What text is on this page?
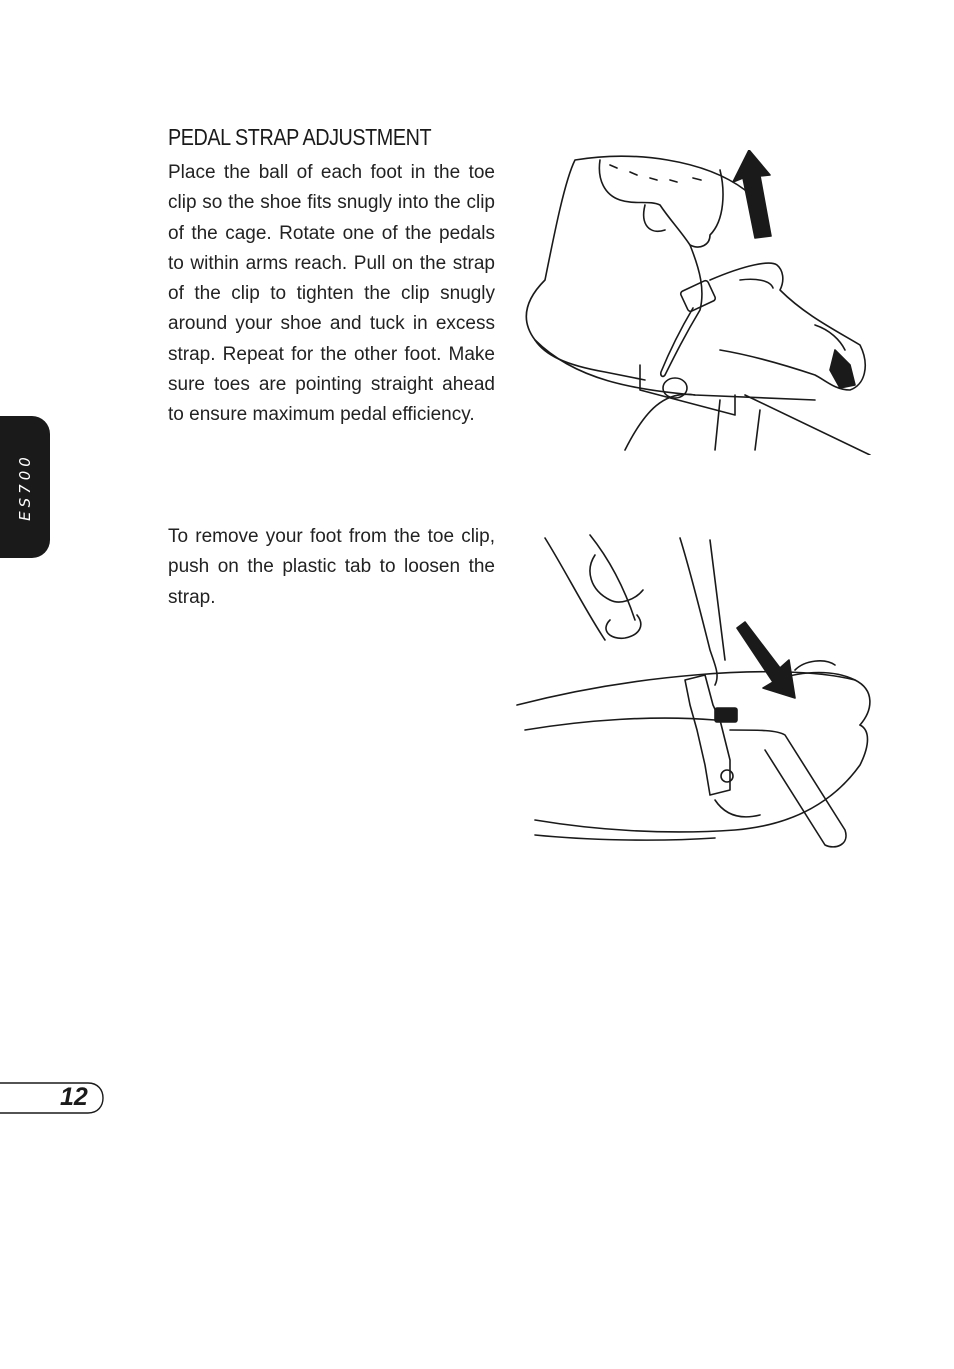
ES700
PEDAL STRAP ADJUSTMENT

Place the ball of each foot in the toe clip so the shoe fits snugly into the clip of the cage. Rotate one of the pedals to within arms reach. Pull on the strap of the clip to tighten the clip snugly around your shoe and tuck in excess strap. Repeat for the other foot. Make sure toes are pointing straight ahead to ensure maximum pedal efficiency.

To remove your foot from the toe clip, push on the plastic tab to loosen the strap.

12
